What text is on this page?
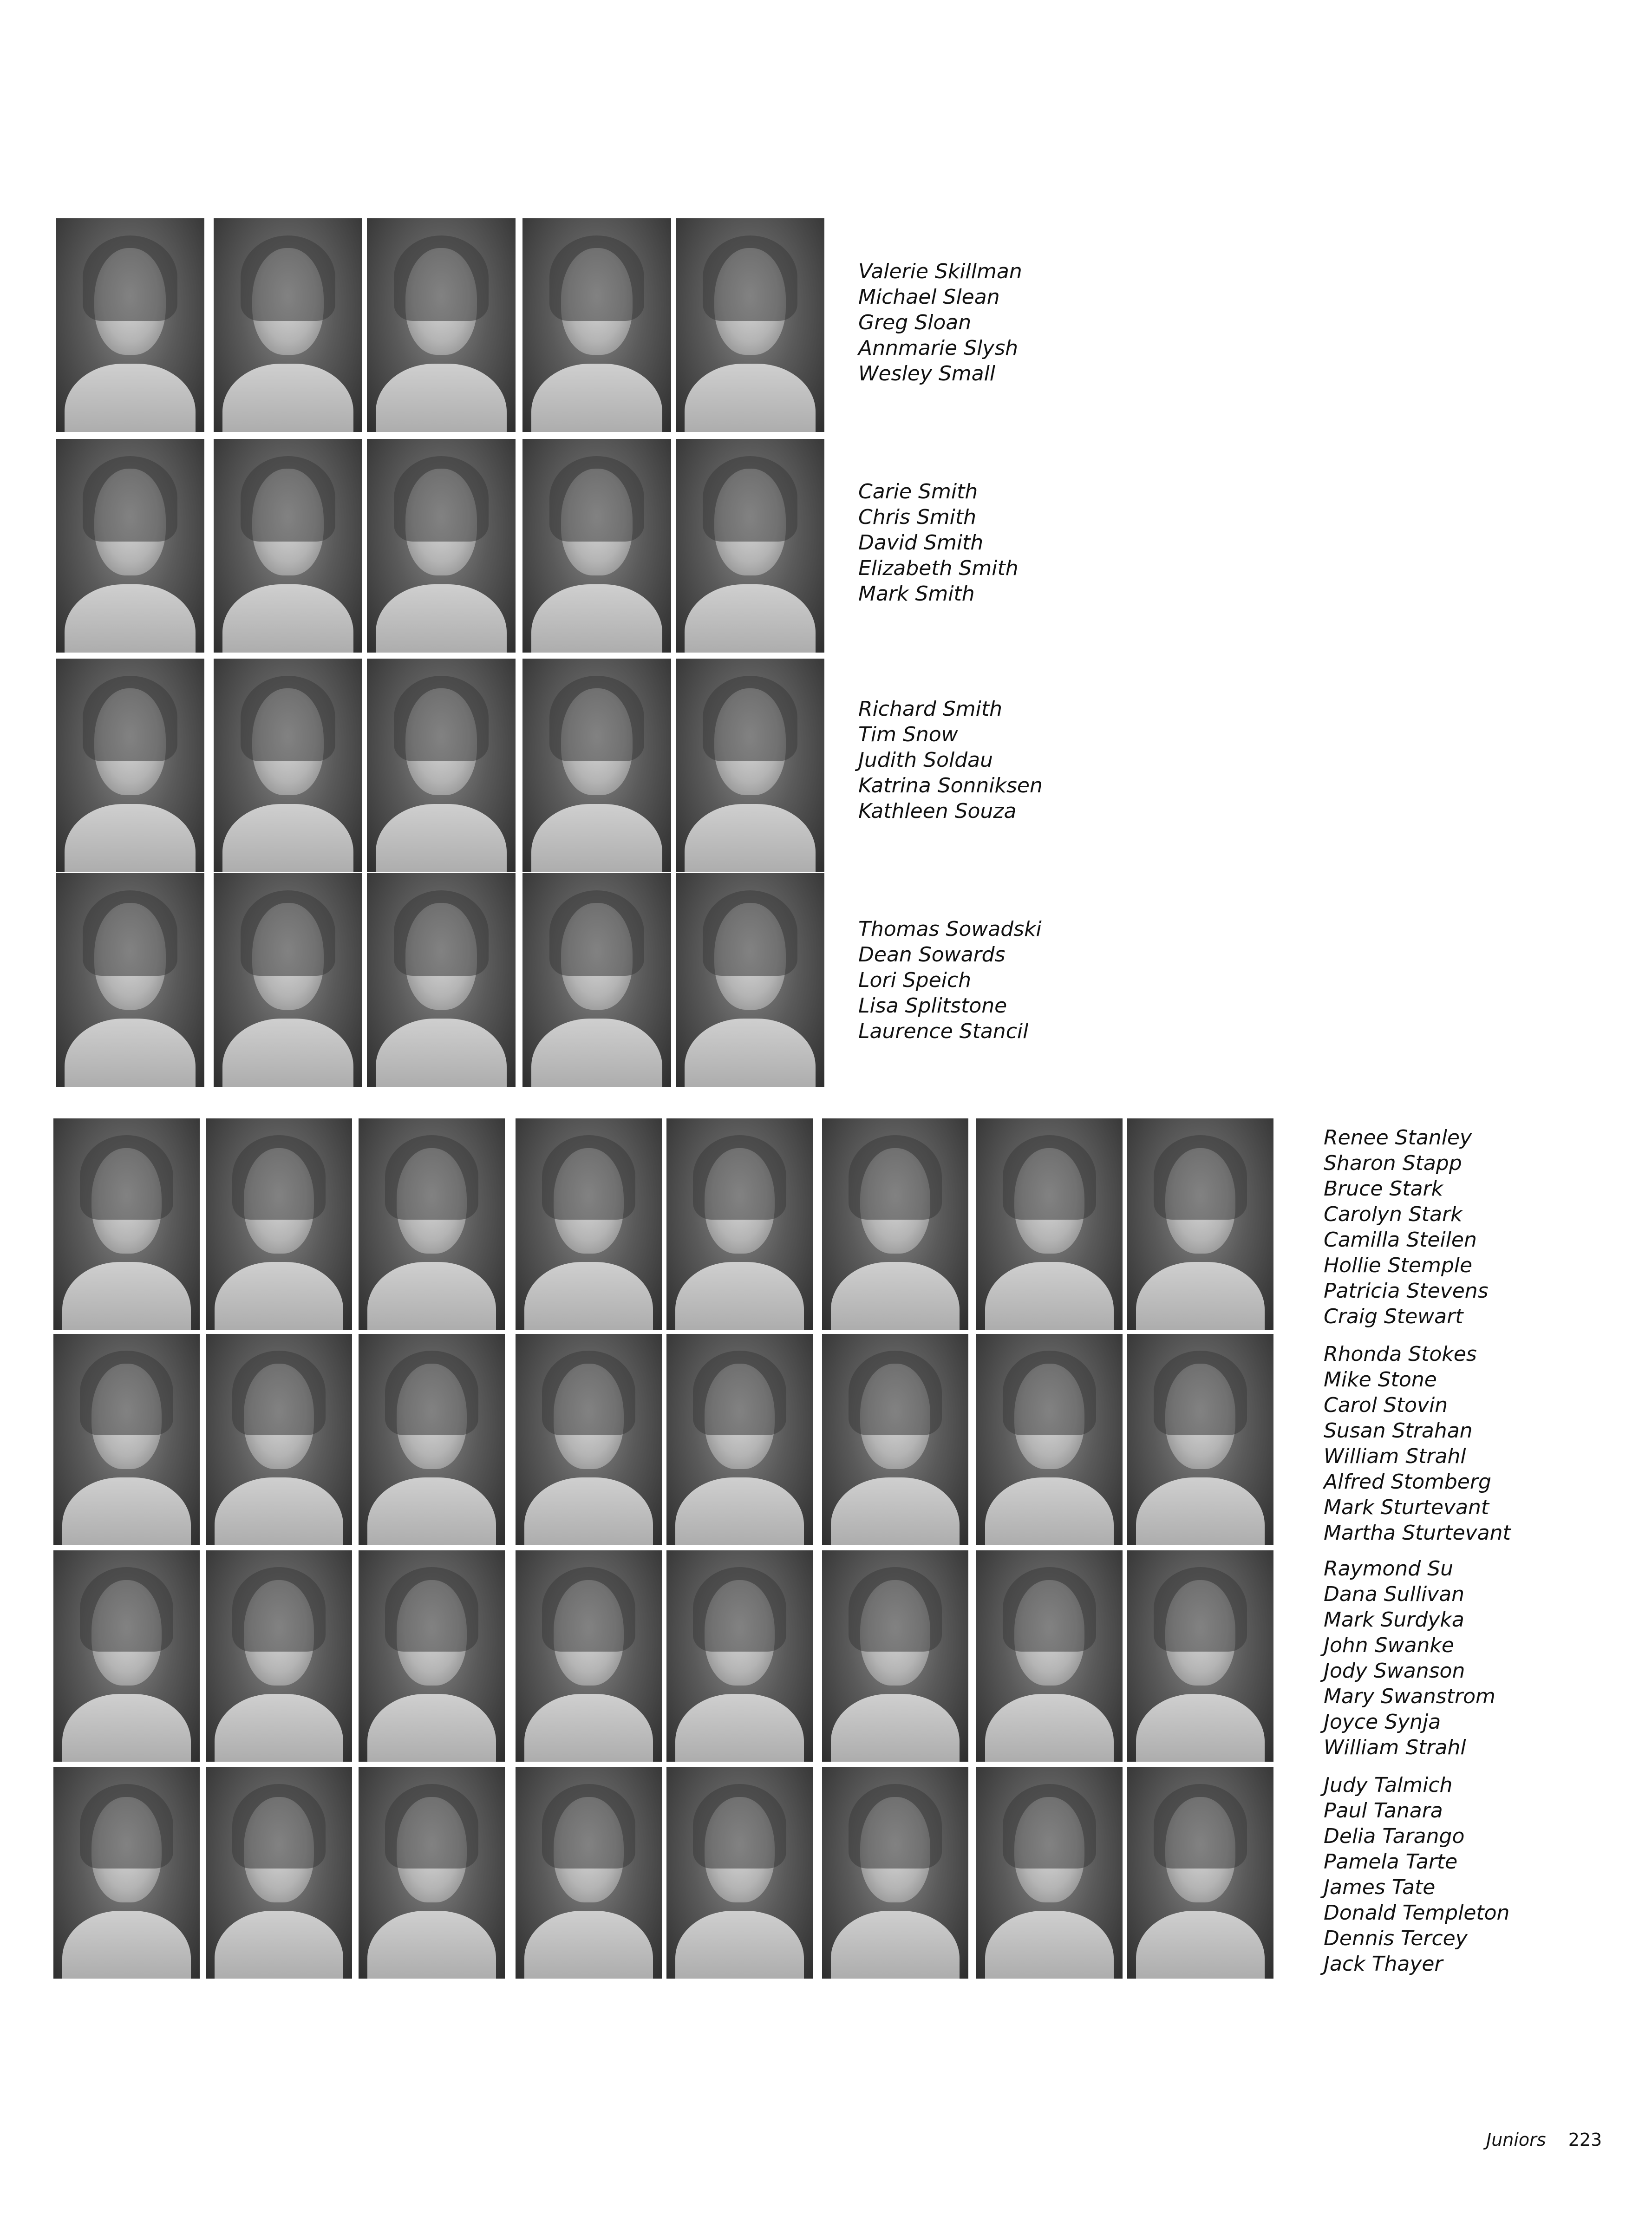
Valerie Skillman
Michael Slean
Greg Sloan
Annmarie Slysh
Wesley Small
Carie Smith
Chris Smith
David Smith
Elizabeth Smith
Mark Smith
Richard Smith
Tim Snow
Judith Soldau
Katrina Sonniksen
Kathleen Souza
Thomas Sowadski
Dean Sowards
Lori Speich
Lisa Splitstone
Laurence Stancil
Renee Stanley
Sharon Stapp
Bruce Stark
Carolyn Stark
Camilla Steilen
Hollie Stemple
Patricia Stevens
Craig Stewart
Rhonda Stokes
Mike Stone
Carol Stovin
Susan Strahan
William Strahl
Alfred Stomberg
Mark Sturtevant
Martha Sturtevant
Raymond Su
Dana Sullivan
Mark Surdyka
John Swanke
Jody Swanson
Mary Swanstrom
Joyce Synja
William Strahl
Judy Talmich
Paul Tanara
Delia Tarango
Pamela Tarte
James Tate
Donald Templeton
Dennis Tercey
Jack Thayer
Juniors 223
